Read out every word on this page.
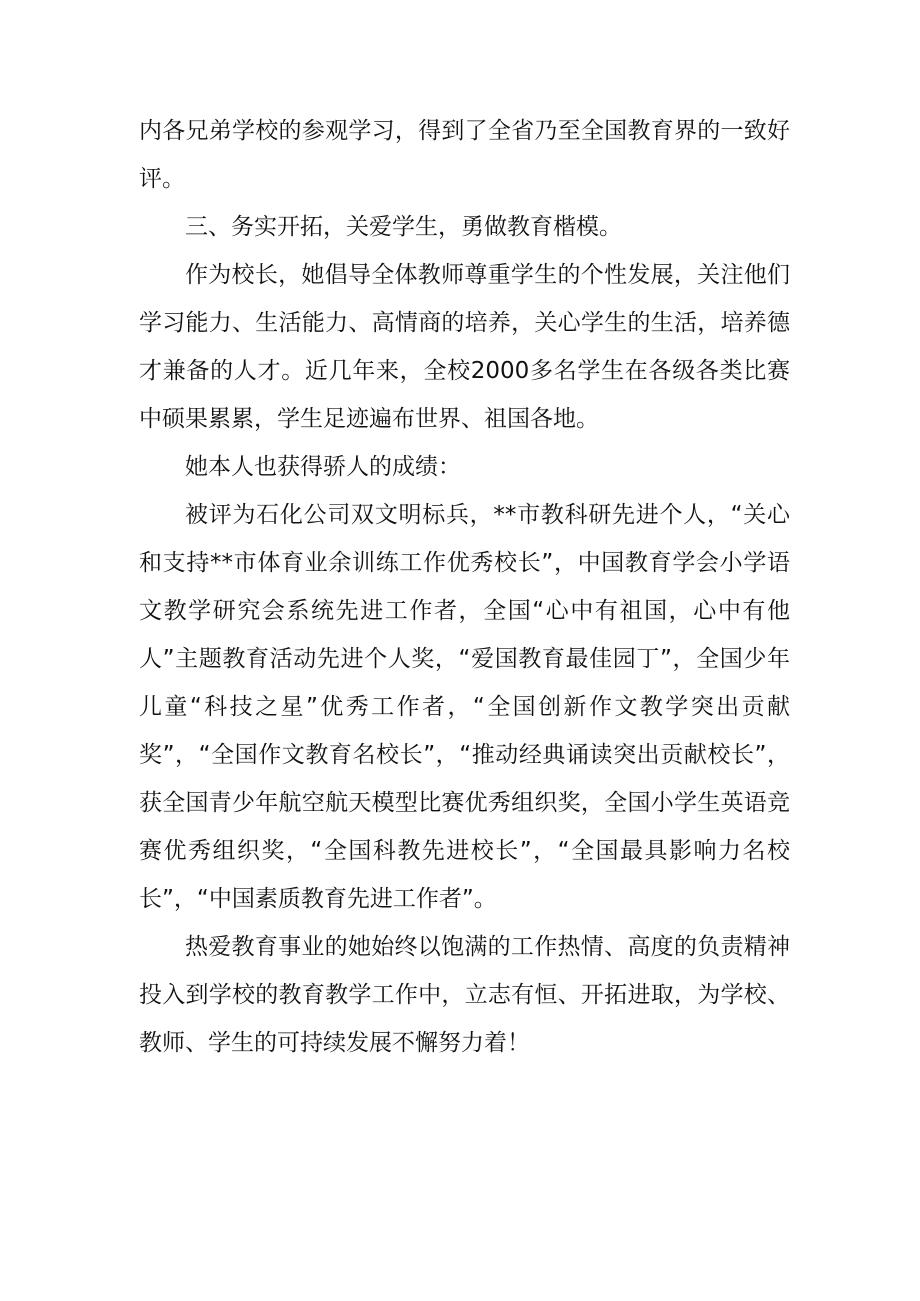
内各兄弟学校的参观学习，得到了全省乃至全国教育界的一致好评。

三、务实开拓，关爱学生，勇做教育楷模。

作为校长，她倡导全体教师尊重学生的个性发展，关注他们学习能力、生活能力、高情商的培养，关心学生的生活，培养德才兼备的人才。近几年来，全校2000多名学生在各级各类比赛中硕果累累，学生足迹遍布世界、祖国各地。

她本人也获得骄人的成绩：

被评为石化公司双文明标兵，**市教科研先进个人，“关心和支持**市体育业余训练工作优秀校长”，中国教育学会小学语文教学研究会系统先进工作者，全国“心中有祖国，心中有他人”主题教育活动先进个人奖，“爱国教育最佳园丁”，全国少年儿童“科技之星”优秀工作者，“全国创新作文教学突出贡献奖”，“全国作文教育名校长”，“推动经典诵读突出贡献校长”，获全国青少年航空航天模型比赛优秀组织奖，全国小学生英语竞赛优秀组织奖，“全国科教先进校长”，“全国最具影响力名校长”，“中国素质教育先进工作者”。

热爱教育事业的她始终以饱满的工作热情、高度的负责精神投入到学校的教育教学工作中，立志有恒、开拓进取，为学校、教师、学生的可持续发展不懈努力着！
